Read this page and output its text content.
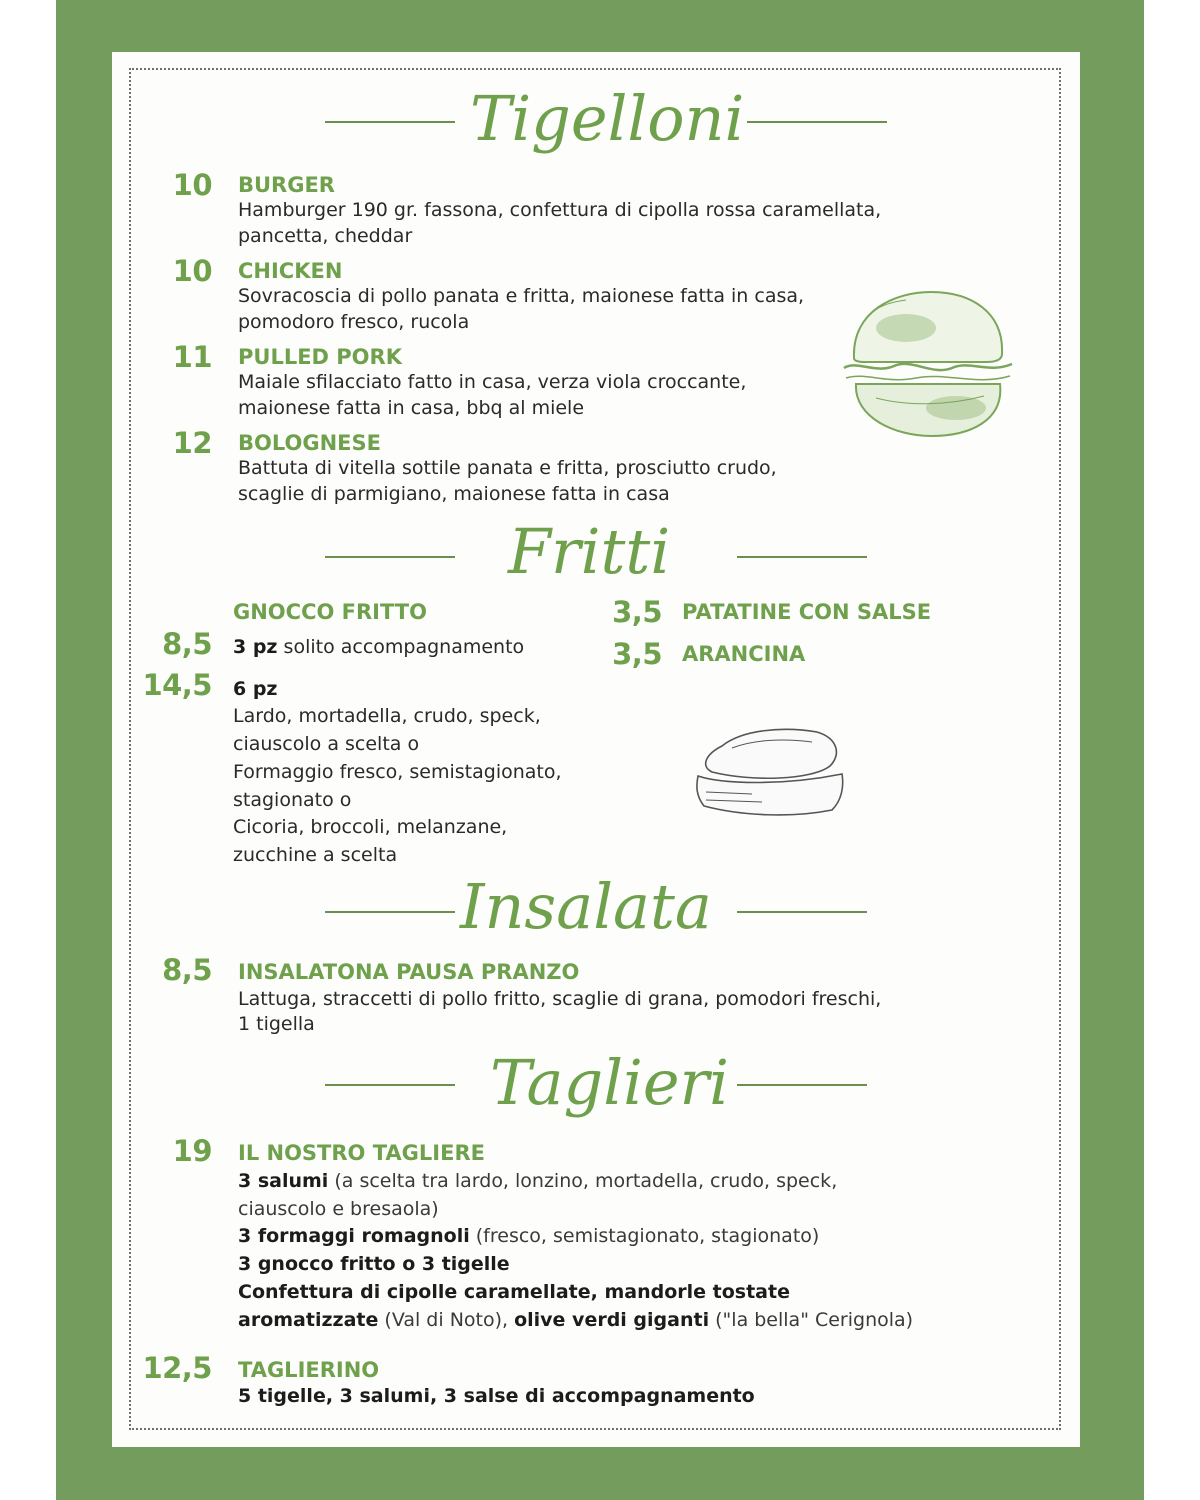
Tigelloni
10 BURGER
Hamburger 190 gr. fassona, confettura di cipolla rossa caramellata,
pancetta, cheddar
10 CHICKEN
Sovracoscia di pollo panata e fritta, maionese fatta in casa,
pomodoro fresco, rucola
11 PULLED PORK
Maiale sfilacciato fatto in casa, verza viola croccante,
maionese fatta in casa, bbq al miele
12 BOLOGNESE
Battuta di vitella sottile panata e fritta, prosciutto crudo,
scaglie di parmigiano, maionese fatta in casa
Fritti
GNOCCO FRITTO
8,5 3 pz solito accompagnamento
14,5 6 pz
Lardo, mortadella, crudo, speck,
ciauscolo a scelta o
Formaggio fresco, semistagionato,
stagionato o
Cicoria, broccoli, melanzane,
zucchine a scelta
3,5 PATATINE CON SALSE
3,5 ARANCINA
Insalata
8,5 INSALATONA PAUSA PRANZO
Lattuga, straccetti di pollo fritto, scaglie di grana, pomodori freschi,
1 tigella
Taglieri
19 IL NOSTRO TAGLIERE
3 salumi (a scelta tra lardo, lonzino, mortadella, crudo, speck,
ciauscolo e bresaola)
3 formaggi romagnoli (fresco, semistagionato, stagionato)
3 gnocco fritto o 3 tigelle
Confettura di cipolle caramellate, mandorle tostate
aromatizzate (Val di Noto), olive verdi giganti ("la bella" Cerignola)
12,5 TAGLIERINO
5 tigelle, 3 salumi, 3 salse di accompagnamento
